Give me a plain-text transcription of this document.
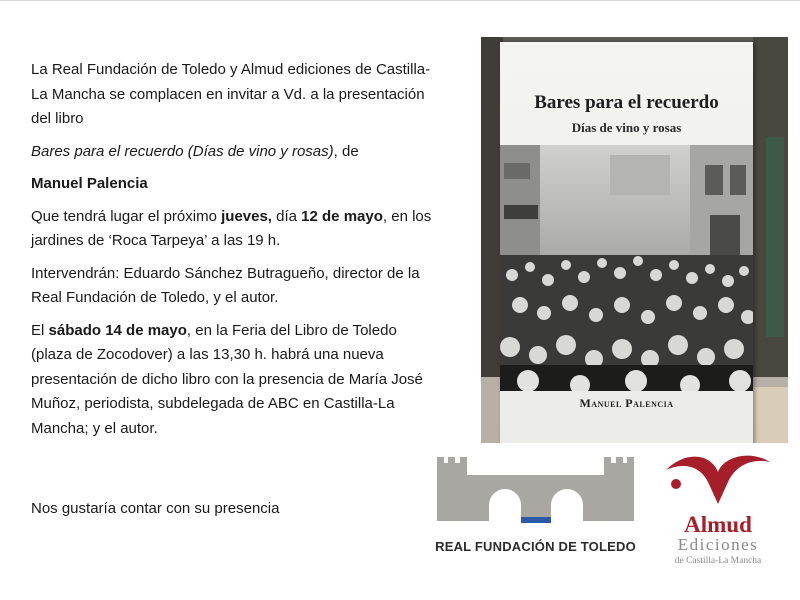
La Real Fundación de Toledo y Almud ediciones de Castilla-La Mancha se complacen en invitar a Vd. a la presentación del libro

Bares para el recuerdo (Días de vino y rosas), de

Manuel Palencia

Que tendrá lugar el próximo jueves, día 12 de mayo, en los jardines de ‘Roca Tarpeya’ a las 19 h.

Intervendrán: Eduardo Sánchez Butragueño, director de la Real Fundación de Toledo, y el autor.

El sábado 14 de mayo, en la Feria del Libro de Toledo (plaza de Zocodover) a las 13,30 h. habrá una nueva presentación de dicho libro con la presencia de María José Muñoz, periodista, subdelegada de ABC en Castilla-La Mancha; y el autor.

Nos gustaría contar con su presencia

Bares para el recuerdo
Días de vino y rosas
Manuel Palencia
REAL FUNDACIÓN DE TOLEDO
Almud
Ediciones
de Castilla-La Mancha
